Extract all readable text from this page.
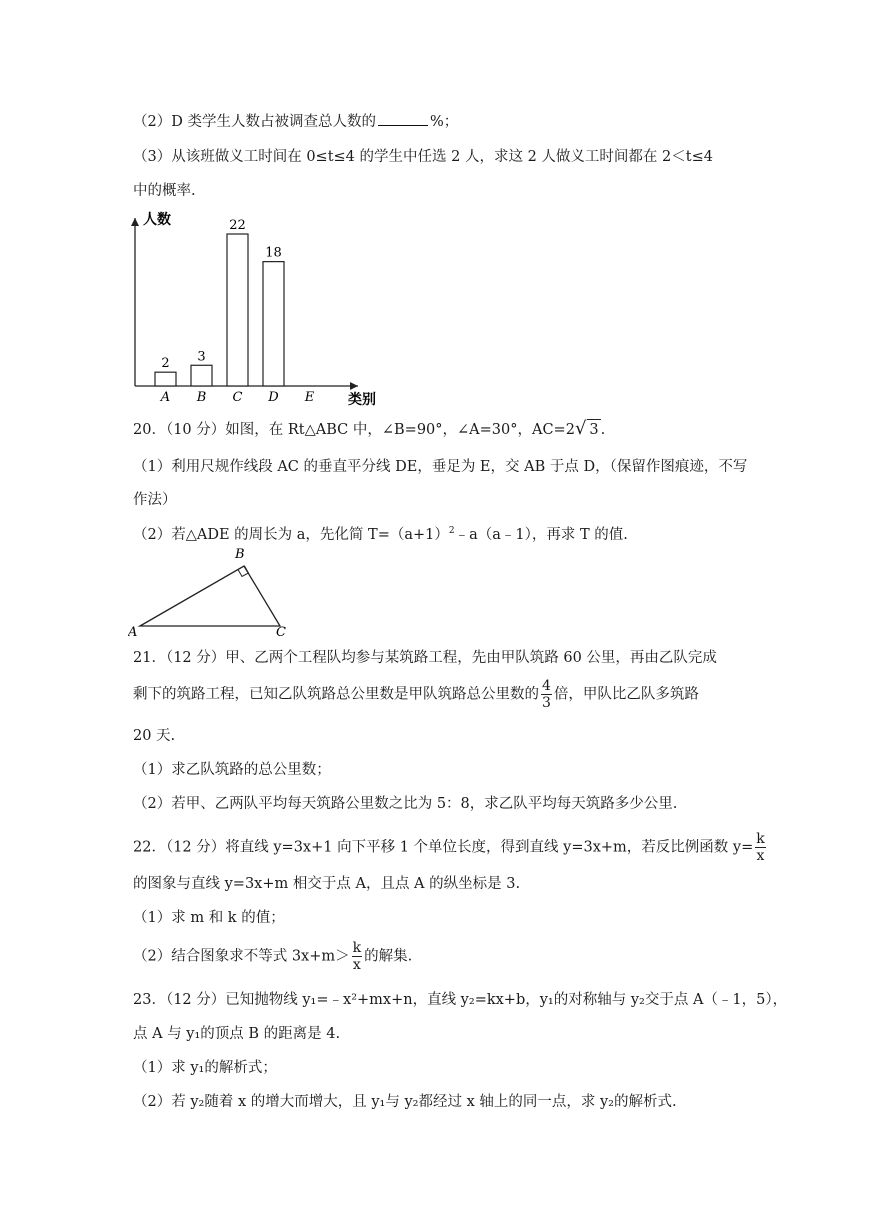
（2）D 类学生人数占被调查总人数的	%；
（3）从该班做义工时间在 0≤t≤4 的学生中任选 2 人，求这 2 人做义工时间都在 2＜t≤4
中的概率.
人数
类别
2
A
3
B
22
C
18
D E
20．（10 分）如图，在 Rt△ABC 中，∠B=90°，∠A=30°，AC=2√ 3 .
（1）利用尺规作线段 AC 的垂直平分线 DE，垂足为 E，交 AB 于点 D，（保留作图痕迹，不写
作法）
（2）若△ADE 的周长为 a，先化简 $T=(a+1)^2﹣a(a﹣1)$，再求 T 的值.
A
B
C
21．（12 分）甲、乙两个工程队均参与某筑路工程，先由甲队筑路 60 公里，再由乙队完成
剩下的筑路工程，已知乙队筑路总公里数是甲队筑路总公里数的 $\frac{4}{3}$ 倍，甲队比乙队多筑路
20 天.
（1）求乙队筑路的总公里数；
（2）若甲、乙两队平均每天筑路公里数之比为 5：8，求乙队平均每天筑路多少公里.
22．（12 分）将直线 y=3x+1 向下平移 1 个单位长度，得到直线 y=3x+m，若反比例函数 $y= \frac{k}{x}$
的图象与直线 y=3x+m 相交于点 A，且点 A 的纵坐标是 3.
（1）求 m 和 k 的值；
（2）结合图象求不等式 $3x+m> \frac{k}{x}$ 的解集.
23．（12 分）已知抛物线 y₁=﹣x²+mx+n，直线 y₂=kx+b，y₁的对称轴与 y₂交于点 A（﹣1，5），
点 A 与 y₁的顶点 B 的距离是 4.
（1）求 y₁的解析式；
（2）若 y₂随着 x 的增大而增大，且 y₁与 y₂都经过 x 轴上的同一点，求 y₂的解析式.
